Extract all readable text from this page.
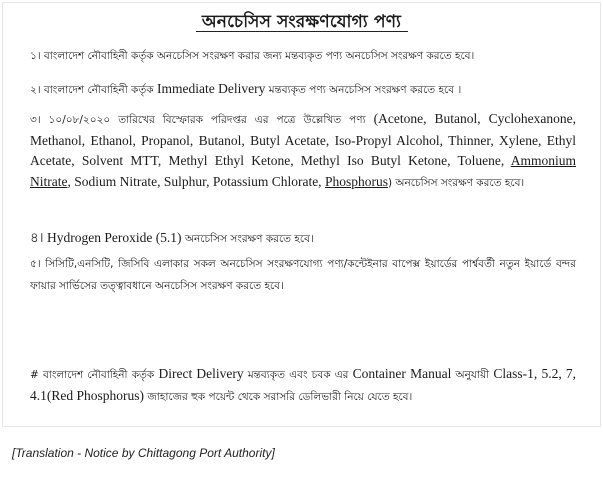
অনচেসিস সংরক্ষণযোগ্য পণ্য
১। বাংলাদেশ নৌবাহিনী কর্তৃক অনচেসিস সংরক্ষণ করার জন্য মন্তব্যকৃত পণ্য অনচেসিস সংরক্ষণ করতে হবে।
২। বাংলাদেশ নৌবাহিনী কর্তৃক Immediate Delivery মন্তব্যকৃত পণ্য অনচেসিস সংরক্ষণ করতে হবে ।
৩। ১০/০৮/২০২০ তারিখের বিস্ফোরক পরিদপ্তর এর পত্রে উল্লেখিত পণ্য (Acetone, Butanol, Cyclohexanone, Methanol, Ethanol, Propanol, Butanol, Butyl Acetate, Iso-Propyl Alcohol, Thinner, Xylene, Ethyl Acetate, Solvent MTT, Methyl Ethyl Ketone, Methyl Iso Butyl Ketone, Toluene, Ammonium Nitrate, Sodium Nitrate, Sulphur, Potassium Chlorate, Phosphorus) অনচেসিস সংরক্ষণ করতে হবে।
৪। Hydrogen Peroxide (5.1) অনচেসিস সংরক্ষণ করতে হবে।
৫। সিসিটি,এনসিটি, জিসিবি এলাকার সকল অনচেসিস সংরক্ষণযোগ্য পণ্য/কন্টেইনার বাপেক্স ইয়ার্ডের পার্শ্ববর্তী নতুন ইয়ার্ডে বন্দর ফায়ার সার্ভিসের তত্ত্বাবধানে অনচেসিস সংরক্ষণ করতে হবে।
# বাংলাদেশ নৌবাহিনী কর্তৃক Direct Delivery মন্তব্যকৃত এবং চবক এর Container Manual অনুযায়ী Class-1, 5.2, 7, 4.1(Red Phosphorus) জাহাজের হুক পয়েন্ট থেকে সরাসরি ডেলিভারী নিয়ে যেতে হবে।
[Translation - Notice by Chittagong Port Authority]
